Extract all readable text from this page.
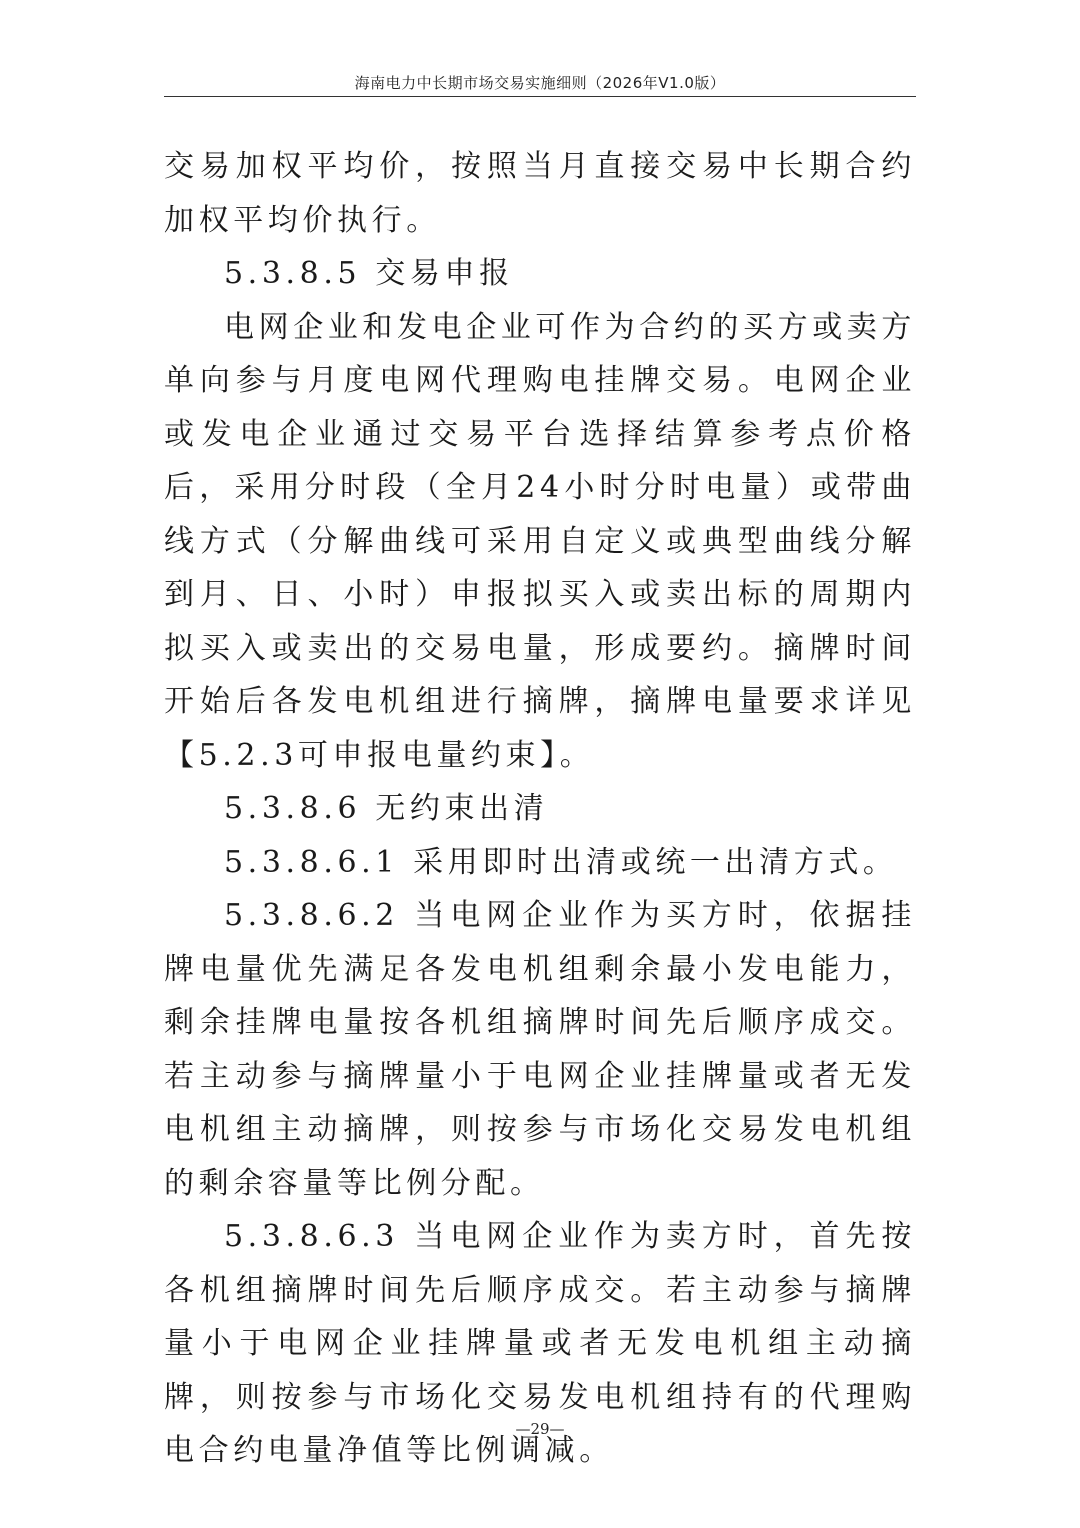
海南电力中长期市场交易实施细则（2026年V1.0版）

交易加权平均价，按照当月直接交易中长期合约加权平均价执行。

5.3.8.5 交易申报

电网企业和发电企业可作为合约的买方或卖方单向参与月度电网代理购电挂牌交易。电网企业或发电企业通过交易平台选择结算参考点价格后，采用分时段（全月24小时分时电量）或带曲线方式（分解曲线可采用自定义或典型曲线分解到月、日、小时）申报拟买入或卖出标的周期内拟买入或卖出的交易电量，形成要约。摘牌时间开始后各发电机组进行摘牌，摘牌电量要求详见【5.2.3可申报电量约束】。

5.3.8.6 无约束出清

5.3.8.6.1 采用即时出清或统一出清方式。

5.3.8.6.2 当电网企业作为买方时，依据挂牌电量优先满足各发电机组剩余最小发电能力，剩余挂牌电量按各机组摘牌时间先后顺序成交。若主动参与摘牌量小于电网企业挂牌量或者无发电机组主动摘牌，则按参与市场化交易发电机组的剩余容量等比例分配。

5.3.8.6.3 当电网企业作为卖方时，首先按各机组摘牌时间先后顺序成交。若主动参与摘牌量小于电网企业挂牌量或者无发电机组主动摘牌，则按参与市场化交易发电机组持有的代理购电合约电量净值等比例调减。

—29—
